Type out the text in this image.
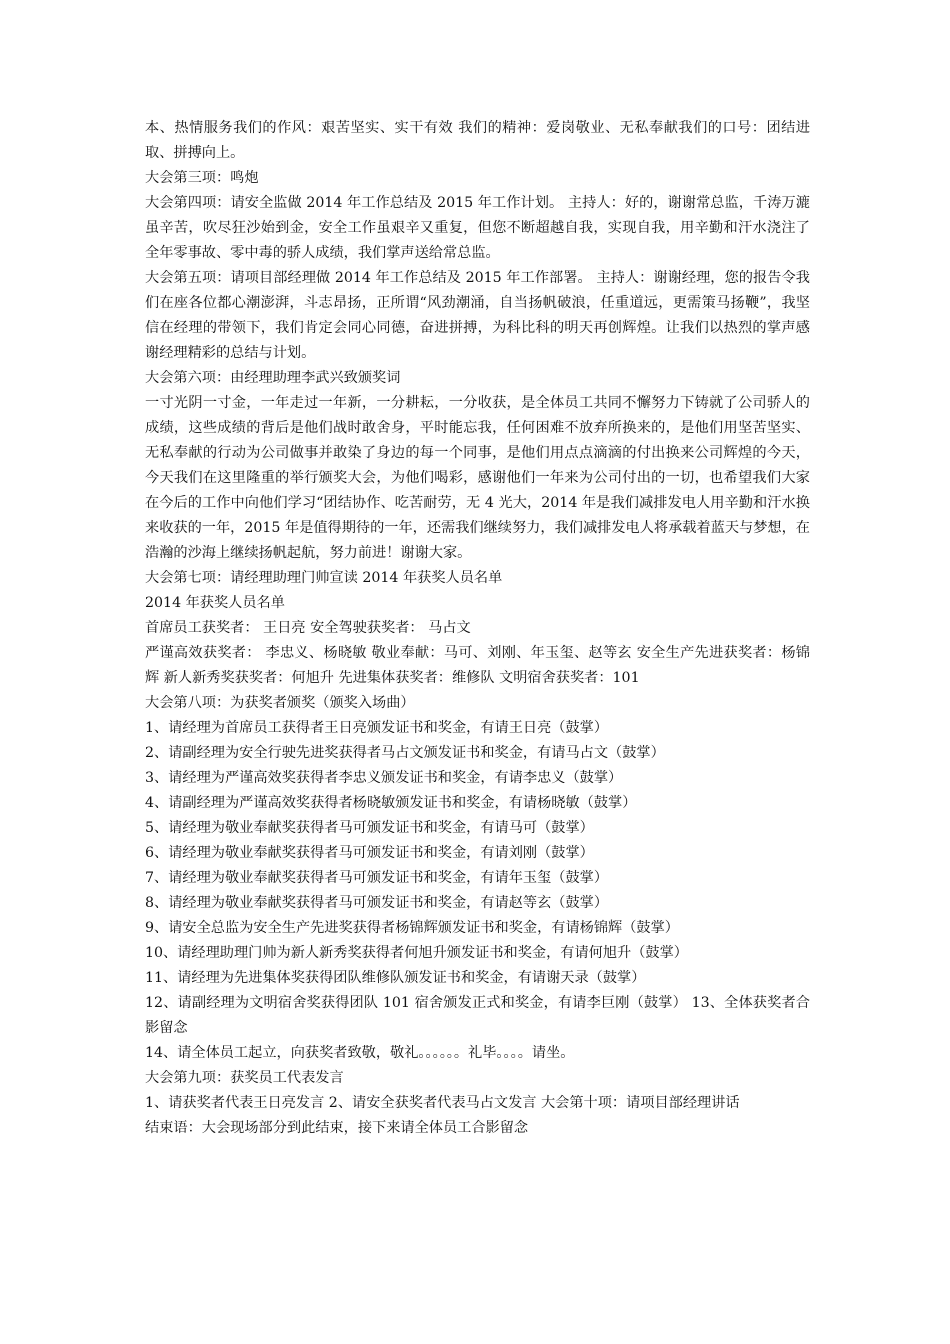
本、热情服务我们的作风：艰苦坚实、实干有效 我们的精神：爱岗敬业、无私奉献我们的口号：团结进取、拼搏向上。

大会第三项：鸣炮

大会第四项：请安全监做 2014 年工作总结及 2015 年工作计划。 主持人：好的，谢谢常总监，千涛万漉虽辛苦，吹尽狂沙始到金，安全工作虽艰辛又重复，但您不断超越自我，实现自我，用辛勤和汗水浇注了全年零事故、零中毒的骄人成绩，我们掌声送给常总监。

大会第五项：请项目部经理做 2014 年工作总结及 2015 年工作部署。 主持人：谢谢经理，您的报告令我们在座各位都心潮澎湃，斗志昂扬，正所谓“风劲潮涌，自当扬帆破浪，任重道远，更需策马扬鞭”，我坚信在经理的带领下，我们肯定会同心同德，奋进拼搏，为科比科的明天再创辉煌。让我们以热烈的掌声感谢经理精彩的总结与计划。

大会第六项：由经理助理李武兴致颁奖词

一寸光阴一寸金，一年走过一年新，一分耕耘，一分收获，是全体员工共同不懈努力下铸就了公司骄人的成绩，这些成绩的背后是他们战时敢舍身，平时能忘我，任何困难不放弃所换来的，是他们用坚苦坚实、无私奉献的行动为公司做事并敢染了身边的每一个同事，是他们用点点滴滴的付出换来公司辉煌的今天，今天我们在这里隆重的举行颁奖大会，为他们喝彩，感谢他们一年来为公司付出的一切，也希望我们大家在今后的工作中向他们学习“团结协作、吃苦耐劳，无 4 光大，2014 年是我们减排发电人用辛勤和汗水换来收获的一年，2015 年是值得期待的一年，还需我们继续努力，我们减排发电人将承载着蓝天与梦想，在浩瀚的沙海上继续扬帆起航，努力前进！谢谢大家。

大会第七项：请经理助理门帅宣读 2014 年获奖人员名单

2014 年获奖人员名单

首席员工获奖者： 王日亮 安全驾驶获奖者： 马占文

严谨高效获奖者： 李忠义、杨晓敏 敬业奉献：马可、刘刚、年玉玺、赵等玄 安全生产先进获奖者：杨锦辉 新人新秀奖获奖者：何旭升 先进集体获奖者：维修队 文明宿舍获奖者：101

大会第八项：为获奖者颁奖（颁奖入场曲）

1、请经理为首席员工获得者王日亮颁发证书和奖金，有请王日亮（鼓掌）

2、请副经理为安全行驶先进奖获得者马占文颁发证书和奖金，有请马占文（鼓掌）

3、请经理为严谨高效奖获得者李忠义颁发证书和奖金，有请李忠义（鼓掌）

4、请副经理为严谨高效奖获得者杨晓敏颁发证书和奖金，有请杨晓敏（鼓掌）

5、请经理为敬业奉献奖获得者马可颁发证书和奖金，有请马可（鼓掌）

6、请经理为敬业奉献奖获得者马可颁发证书和奖金，有请刘刚（鼓掌）

7、请经理为敬业奉献奖获得者马可颁发证书和奖金，有请年玉玺（鼓掌）

8、请经理为敬业奉献奖获得者马可颁发证书和奖金，有请赵等玄（鼓掌）

9、请安全总监为安全生产先进奖获得者杨锦辉颁发证书和奖金，有请杨锦辉（鼓掌）

10、请经理助理门帅为新人新秀奖获得者何旭升颁发证书和奖金，有请何旭升（鼓掌）

11、请经理为先进集体奖获得团队维修队颁发证书和奖金，有请谢天录（鼓掌）

12、请副经理为文明宿舍奖获得团队 101 宿舍颁发正式和奖金，有请李巨刚（鼓掌） 13、全体获奖者合影留念

14、请全体员工起立，向获奖者致敬，敬礼。。。。。。礼毕。。。。请坐。

大会第九项：获奖员工代表发言

1、请获奖者代表王日亮发言 2、请安全获奖者代表马占文发言 大会第十项：请项目部经理讲话

结束语：大会现场部分到此结束，接下来请全体员工合影留念
